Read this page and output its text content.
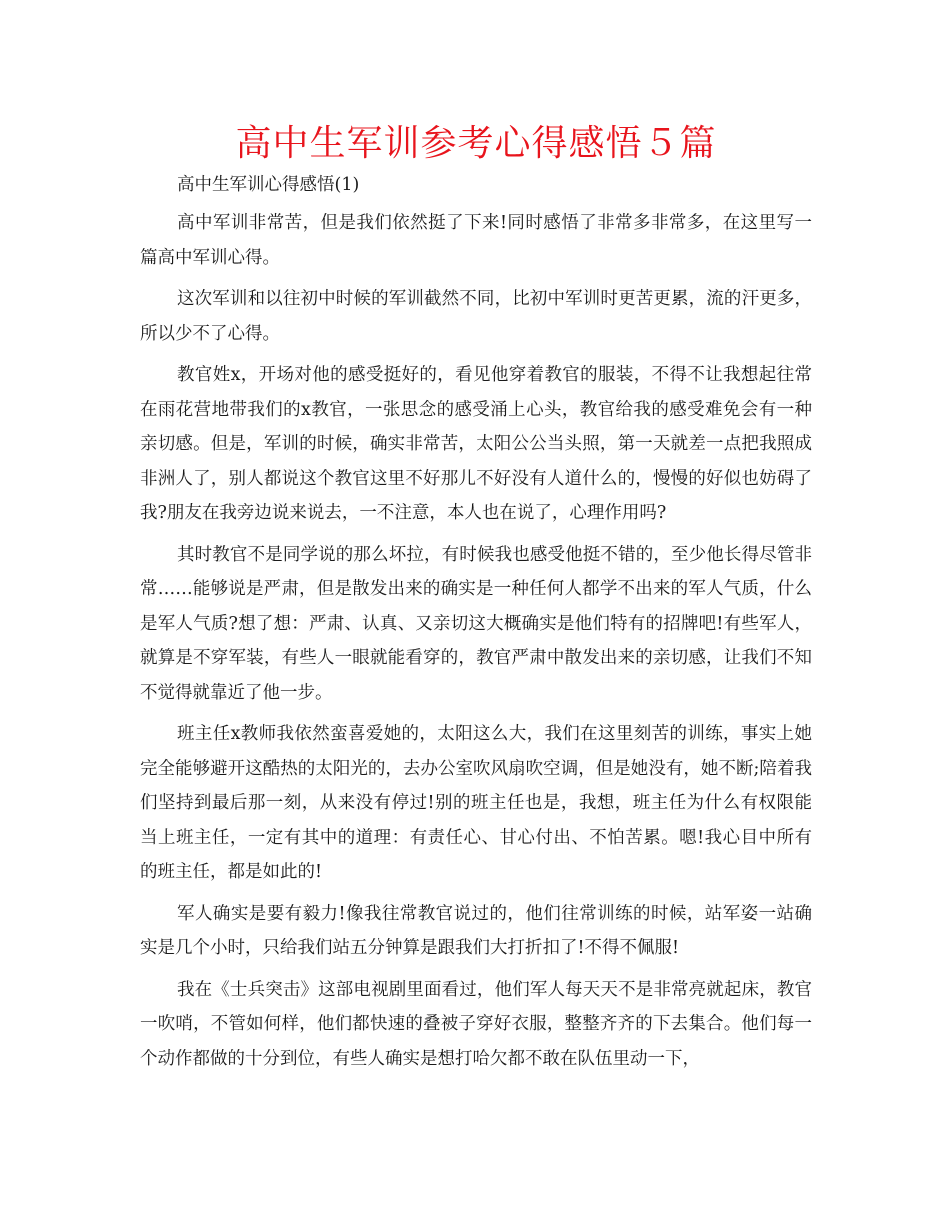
高中生军训参考心得感悟５篇

高中生军训心得感悟(1)

高中军训非常苦，但是我们依然挺了下来!同时感悟了非常多非常多，在这里写一篇高中军训心得。

这次军训和以往初中时候的军训截然不同，比初中军训时更苦更累，流的汗更多，所以少不了心得。

教官姓x，开场对他的感受挺好的，看见他穿着教官的服装，不得不让我想起往常在雨花营地带我们的x教官，一张思念的感受涌上心头，教官给我的感受难免会有一种亲切感。但是，军训的时候，确实非常苦，太阳公公当头照，第一天就差一点把我照成非洲人了，别人都说这个教官这里不好那儿不好没有人道什么的，慢慢的好似也妨碍了我?朋友在我旁边说来说去，一不注意，本人也在说了，心理作用吗?

其时教官不是同学说的那么坏拉，有时候我也感受他挺不错的，至少他长得尽管非常……能够说是严肃，但是散发出来的确实是一种任何人都学不出来的军人气质，什么是军人气质?想了想：严肃、认真、又亲切这大概确实是他们特有的招牌吧!有些军人，就算是不穿军装，有些人一眼就能看穿的，教官严肃中散发出来的亲切感，让我们不知不觉得就靠近了他一步。

班主任x教师我依然蛮喜爱她的，太阳这么大，我们在这里刻苦的训练，事实上她完全能够避开这酷热的太阳光的，去办公室吹风扇吹空调，但是她没有，她不断;陪着我们坚持到最后那一刻，从来没有停过!别的班主任也是，我想，班主任为什么有权限能当上班主任，一定有其中的道理：有责任心、甘心付出、不怕苦累。嗯!我心目中所有的班主任，都是如此的!

军人确实是要有毅力!像我往常教官说过的，他们往常训练的时候，站军姿一站确实是几个小时，只给我们站五分钟算是跟我们大打折扣了!不得不佩服!

我在《士兵突击》这部电视剧里面看过，他们军人每天天不是非常亮就起床，教官一吹哨，不管如何样，他们都快速的叠被子穿好衣服，整整齐齐的下去集合。他们每一个动作都做的十分到位，有些人确实是想打哈欠都不敢在队伍里动一下，
